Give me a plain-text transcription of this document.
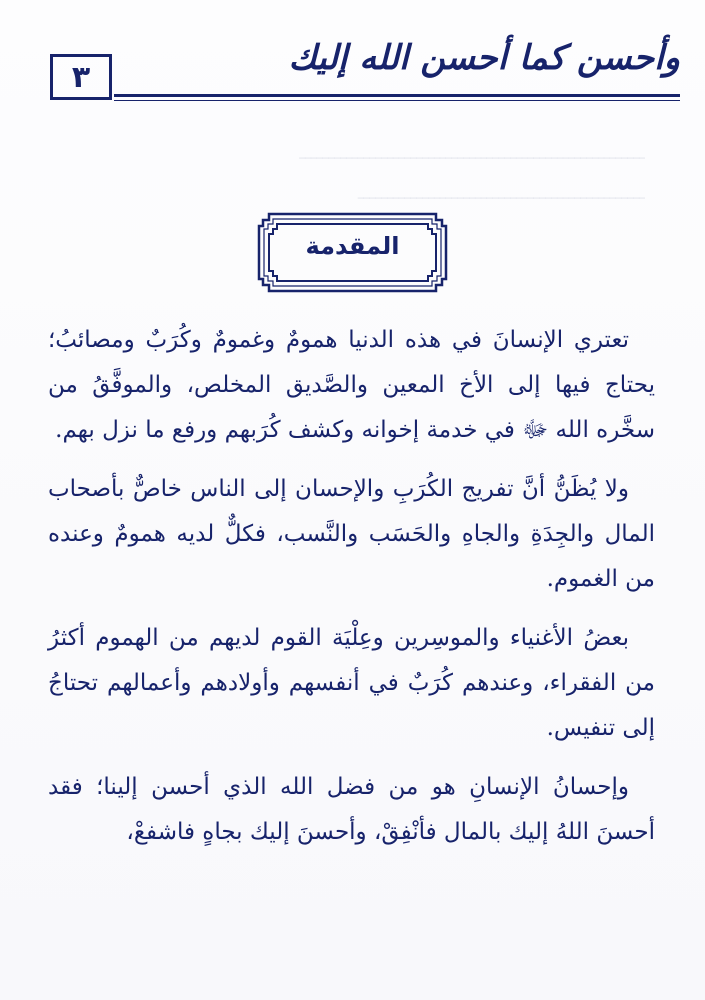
ـــــــــــــــــــــــــــــــــــــــــــــــــــــــــــ
ـــــــــــــــــــــــــــــــــــــــــــــــــ
وأحسن كما أحسن الله إليك
٣
المقدمة

تعتري الإنسانَ في هذه الدنيا همومٌ وغمومٌ وكُرَبٌ ومصائبُ؛ يحتاج فيها إلى الأخ المعين والصَّديق المخلص، والموفَّقُ من سخَّره الله ﷻ في خدمة إخوانه وكشف كُرَبهم ورفع ما نزل بهم.

ولا يُظَنُّ أنَّ تفريج الكُرَبِ والإحسان إلى الناس خاصٌّ بأصحاب المال والجِدَةِ والجاهِ والحَسَب والنَّسب، فكلٌّ لديه همومٌ وعنده من الغموم.

بعضُ الأغنياء والموسِرين وعِلْيَة القوم لديهم من الهموم أكثرُ من الفقراء، وعندهم كُرَبٌ في أنفسهم وأولادهم وأعمالهم تحتاجُ إلى تنفيس.

وإحسانُ الإنسانِ هو من فضل الله الذي أحسن إلينا؛ فقد أحسنَ اللهُ إليك بالمال فأنْفِقْ، وأحسنَ إليك بجاهٍ فاشفعْ،
